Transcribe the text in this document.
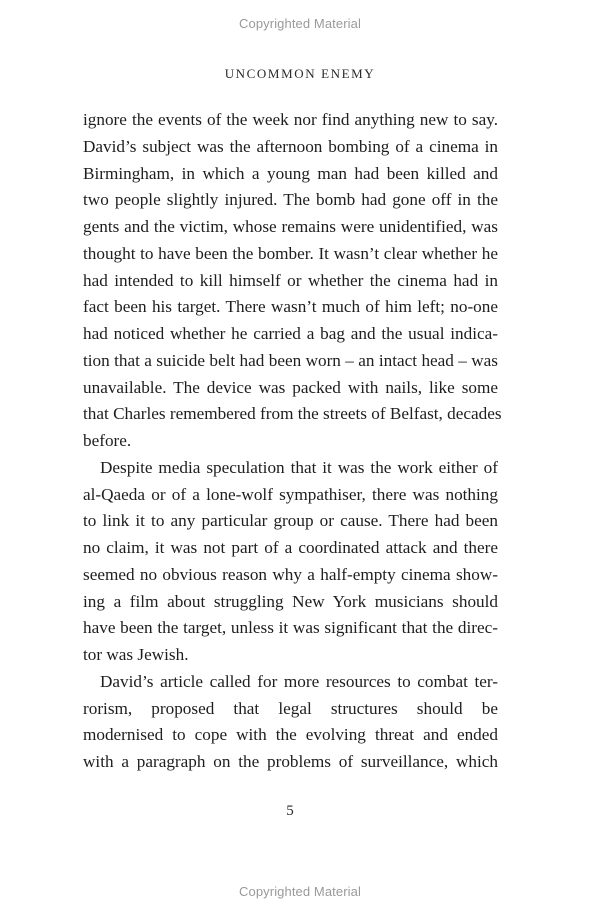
Copyrighted Material
UNCOMMON ENEMY
ignore the events of the week nor find anything new to say.
David’s subject was the afternoon bombing of a cinema in
Birmingham, in which a young man had been killed and
two people slightly injured. The bomb had gone off in the
gents and the victim, whose remains were unidentified, was
thought to have been the bomber. It wasn’t clear whether he
had intended to kill himself or whether the cinema had in
fact been his target. There wasn’t much of him left; no-one
had noticed whether he carried a bag and the usual indica-
tion that a suicide belt had been worn – an intact head – was
unavailable. The device was packed with nails, like some
that Charles remembered from the streets of Belfast, decades
before.
Despite media speculation that it was the work either of
al-Qaeda or of a lone-wolf sympathiser, there was nothing
to link it to any particular group or cause. There had been
no claim, it was not part of a coordinated attack and there
seemed no obvious reason why a half-empty cinema show-
ing a film about struggling New York musicians should
have been the target, unless it was significant that the direc-
tor was Jewish.
David’s article called for more resources to combat ter-
rorism, proposed that legal structures should be
modernised to cope with the evolving threat and ended
with a paragraph on the problems of surveillance, which
5
Copyrighted Material
